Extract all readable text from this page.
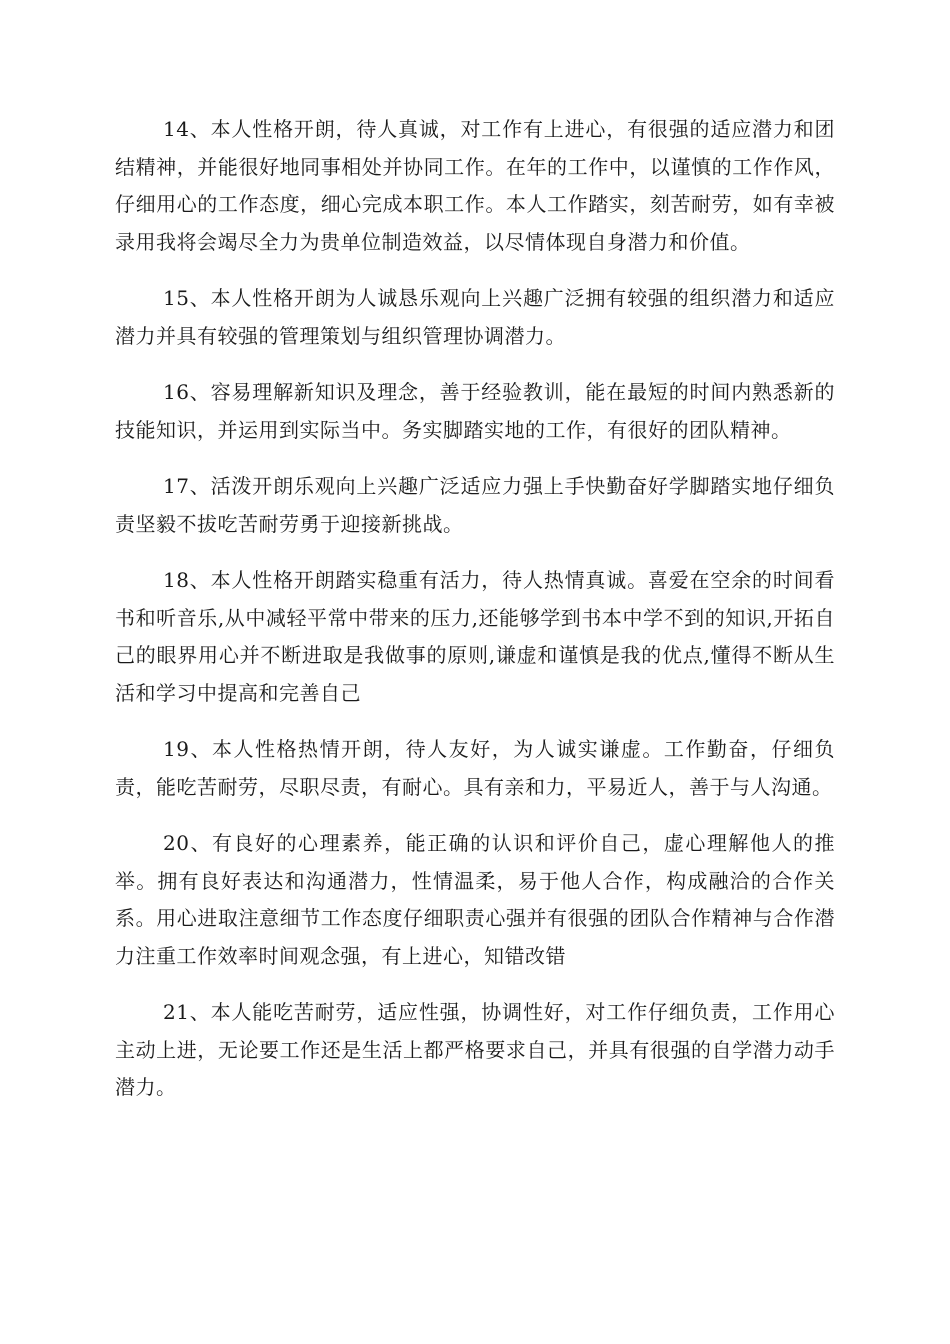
14、本人性格开朗，待人真诚，对工作有上进心，有很强的适应潜力和团结精神，并能很好地同事相处并协同工作。在年的工作中，以谨慎的工作作风，仔细用心的工作态度，细心完成本职工作。本人工作踏实，刻苦耐劳，如有幸被录用我将会竭尽全力为贵单位制造效益，以尽情体现自身潜力和价值。

15、本人性格开朗为人诚恳乐观向上兴趣广泛拥有较强的组织潜力和适应潜力并具有较强的管理策划与组织管理协调潜力。

16、容易理解新知识及理念，善于经验教训，能在最短的时间内熟悉新的技能知识，并运用到实际当中。务实脚踏实地的工作，有很好的团队精神。

17、活泼开朗乐观向上兴趣广泛适应力强上手快勤奋好学脚踏实地仔细负责坚毅不拔吃苦耐劳勇于迎接新挑战。

18、本人性格开朗踏实稳重有活力，待人热情真诚。喜爱在空余的时间看书和听音乐,从中减轻平常中带来的压力,还能够学到书本中学不到的知识,开拓自己的眼界用心并不断进取是我做事的原则,谦虚和谨慎是我的优点,懂得不断从生活和学习中提高和完善自己

19、本人性格热情开朗，待人友好，为人诚实谦虚。工作勤奋，仔细负责，能吃苦耐劳，尽职尽责，有耐心。具有亲和力，平易近人，善于与人沟通。

20、有良好的心理素养，能正确的认识和评价自己，虚心理解他人的推举。拥有良好表达和沟通潜力，性情温柔，易于他人合作，构成融洽的合作关系。用心进取注意细节工作态度仔细职责心强并有很强的团队合作精神与合作潜力注重工作效率时间观念强，有上进心，知错改错

21、本人能吃苦耐劳，适应性强，协调性好，对工作仔细负责，工作用心主动上进，无论要工作还是生活上都严格要求自己，并具有很强的自学潜力动手潜力。
